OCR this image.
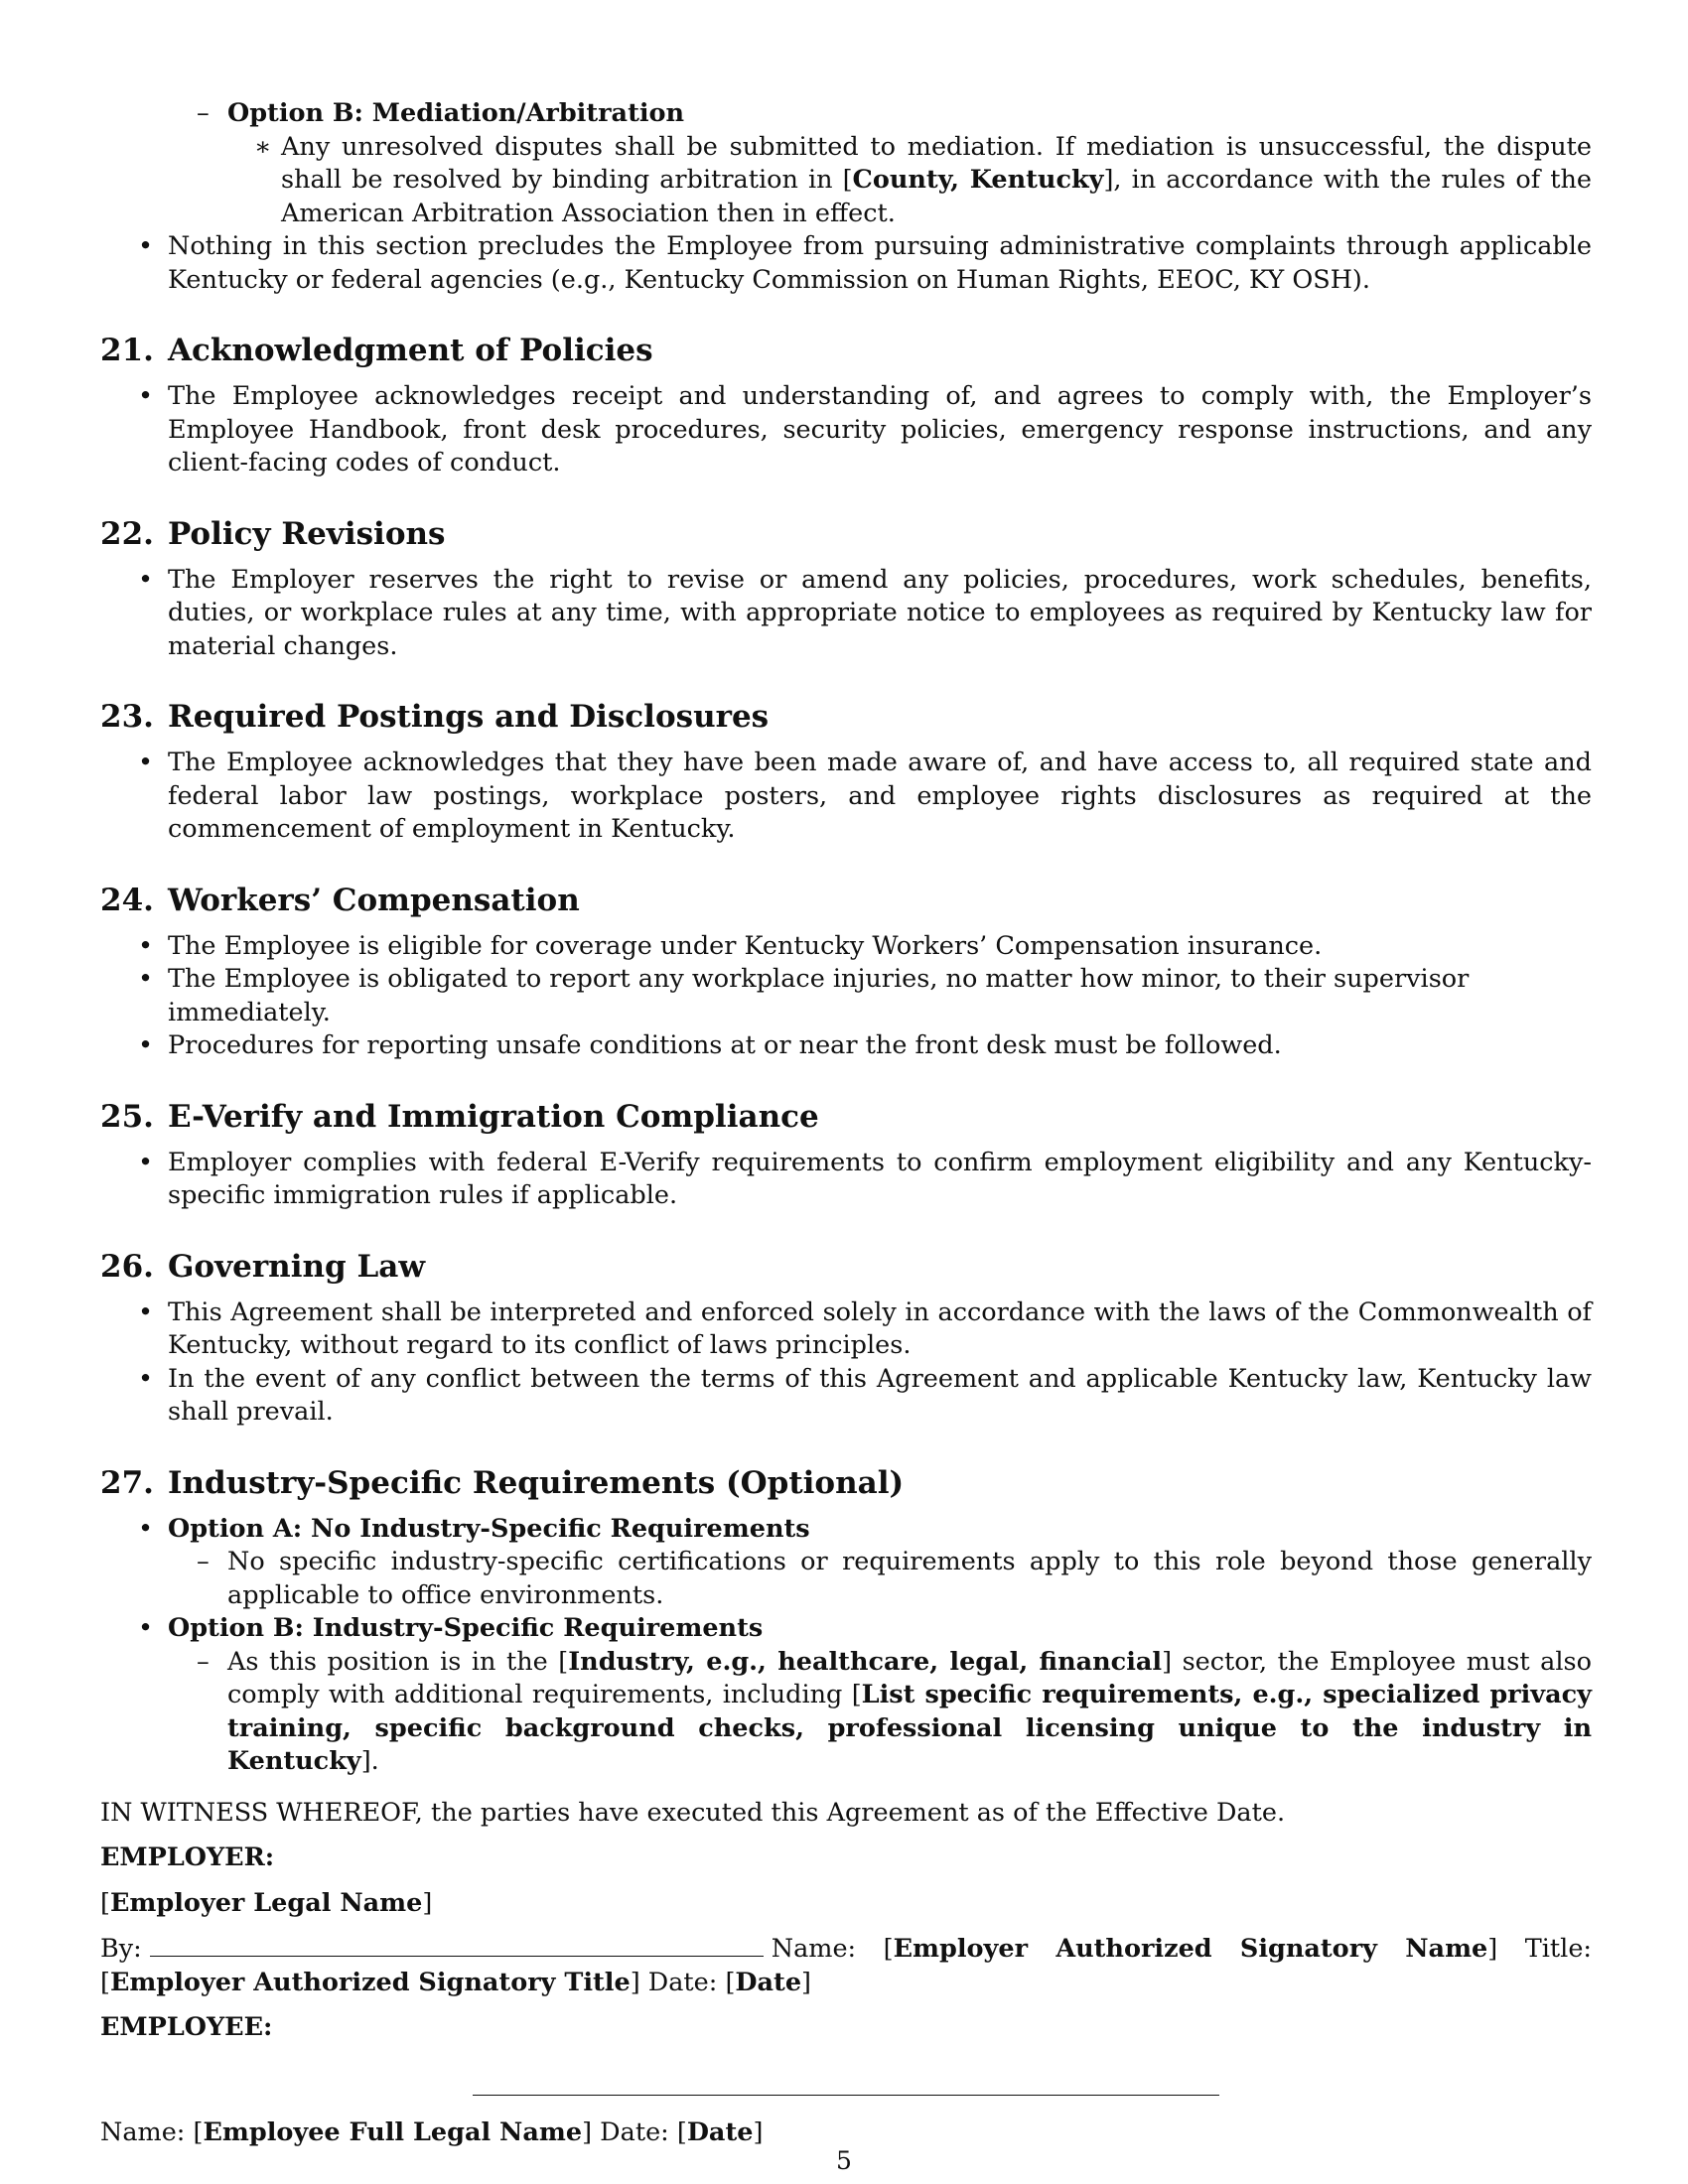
– Option B: Mediation/Arbitration
∗ Any unresolved disputes shall be submitted to mediation. If mediation is unsuccessful, the dispute shall be resolved by binding arbitration in [County, Kentucky], in accordance with the rules of the American Arbitration Association then in effect.
• Nothing in this section precludes the Employee from pursuing administrative complaints through applicable Kentucky or federal agencies (e.g., Kentucky Commission on Human Rights, EEOC, KY OSH).
21. Acknowledgment of Policies
• The Employee acknowledges receipt and understanding of, and agrees to comply with, the Employer’s Employee Handbook, front desk procedures, security policies, emergency response instructions, and any client-facing codes of conduct.
22. Policy Revisions
• The Employer reserves the right to revise or amend any policies, procedures, work schedules, benefits, duties, or workplace rules at any time, with appropriate notice to employees as required by Kentucky law for material changes.
23. Required Postings and Disclosures
• The Employee acknowledges that they have been made aware of, and have access to, all required state and federal labor law postings, workplace posters, and employee rights disclosures as required at the commencement of employment in Kentucky.
24. Workers’ Compensation
• The Employee is eligible for coverage under Kentucky Workers’ Compensation insurance.
• The Employee is obligated to report any workplace injuries, no matter how minor, to their supervisor immediately.
• Procedures for reporting unsafe conditions at or near the front desk must be followed.
25. E-Verify and Immigration Compliance
• Employer complies with federal E-Verify requirements to confirm employment eligibility and any Kentucky-specific immigration rules if applicable.
26. Governing Law
• This Agreement shall be interpreted and enforced solely in accordance with the laws of the Commonwealth of Kentucky, without regard to its conflict of laws principles.
• In the event of any conflict between the terms of this Agreement and applicable Kentucky law, Kentucky law shall prevail.
27. Industry-Specific Requirements (Optional)
• Option A: No Industry-Specific Requirements
– No specific industry-specific certifications or requirements apply to this role beyond those generally applicable to office environments.
• Option B: Industry-Specific Requirements
– As this position is in the [Industry, e.g., healthcare, legal, financial] sector, the Employee must also comply with additional requirements, including [List specific requirements, e.g., specialized privacy training, specific background checks, professional licensing unique to the industry in Kentucky].

IN WITNESS WHEREOF, the parties have executed this Agreement as of the Effective Date.

EMPLOYER:

[Employer Legal Name]

By:	Name: [Employer Authorized Signatory Name] Title: [Employer Authorized Signatory Title] Date: [Date]

EMPLOYEE:

Name: [Employee Full Legal Name] Date: [Date]

5
